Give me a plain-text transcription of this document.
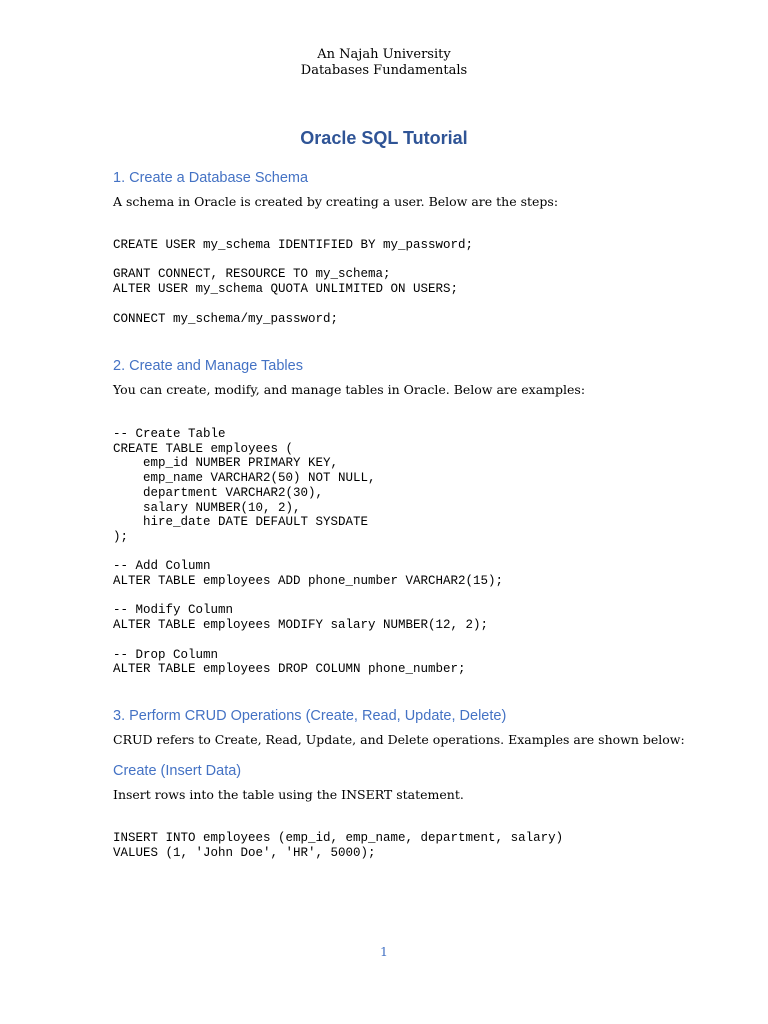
An Najah University
Databases Fundamentals
Oracle SQL Tutorial
1. Create a Database Schema

A schema in Oracle is created by creating a user. Below are the steps:

CREATE USER my_schema IDENTIFIED BY my_password;

GRANT CONNECT, RESOURCE TO my_schema;
ALTER USER my_schema QUOTA UNLIMITED ON USERS;

CONNECT my_schema/my_password;
2. Create and Manage Tables

You can create, modify, and manage tables in Oracle. Below are examples:

-- Create Table
CREATE TABLE employees (
emp_id NUMBER PRIMARY KEY,
emp_name VARCHAR2(50) NOT NULL,
department VARCHAR2(30),
salary NUMBER(10, 2),
hire_date DATE DEFAULT SYSDATE
);

-- Add Column
ALTER TABLE employees ADD phone_number VARCHAR2(15);

-- Modify Column
ALTER TABLE employees MODIFY salary NUMBER(12, 2);

-- Drop Column
ALTER TABLE employees DROP COLUMN phone_number;
3. Perform CRUD Operations (Create, Read, Update, Delete)

CRUD refers to Create, Read, Update, and Delete operations. Examples are shown below:

Create (Insert Data)

Insert rows into the table using the INSERT statement.

INSERT INTO employees (emp_id, emp_name, department, salary)
VALUES (1, 'John Doe', 'HR', 5000);
1
